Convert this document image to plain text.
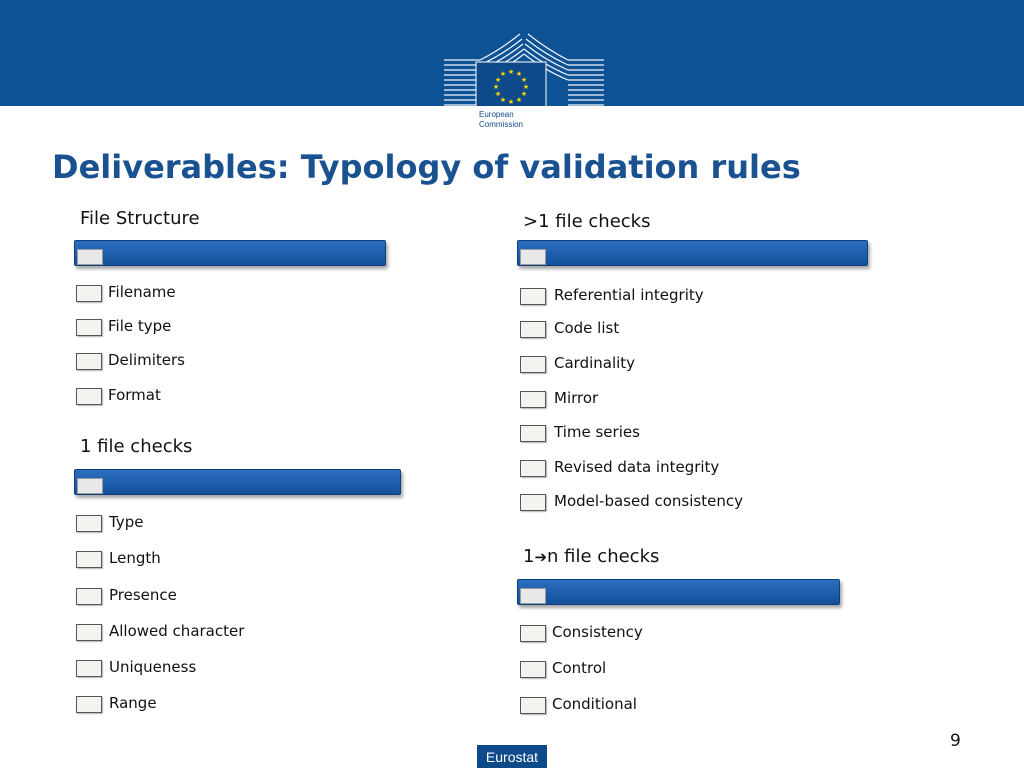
★ ★
★
★
★
★
★
★
★
★
★
★
European
Commission
Deliverables: Typology of validation rules
File Structure
Filename
File type
Delimiters
Format
1 file checks
Type
Length
Presence
Allowed character
Uniqueness
Range
>1 file checks
Referential integrity
Code list
Cardinality
Mirror
Time series
Revised data integrity
Model-based consistency
1➔n file checks
Consistency
Control
Conditional
9
Eurostat
